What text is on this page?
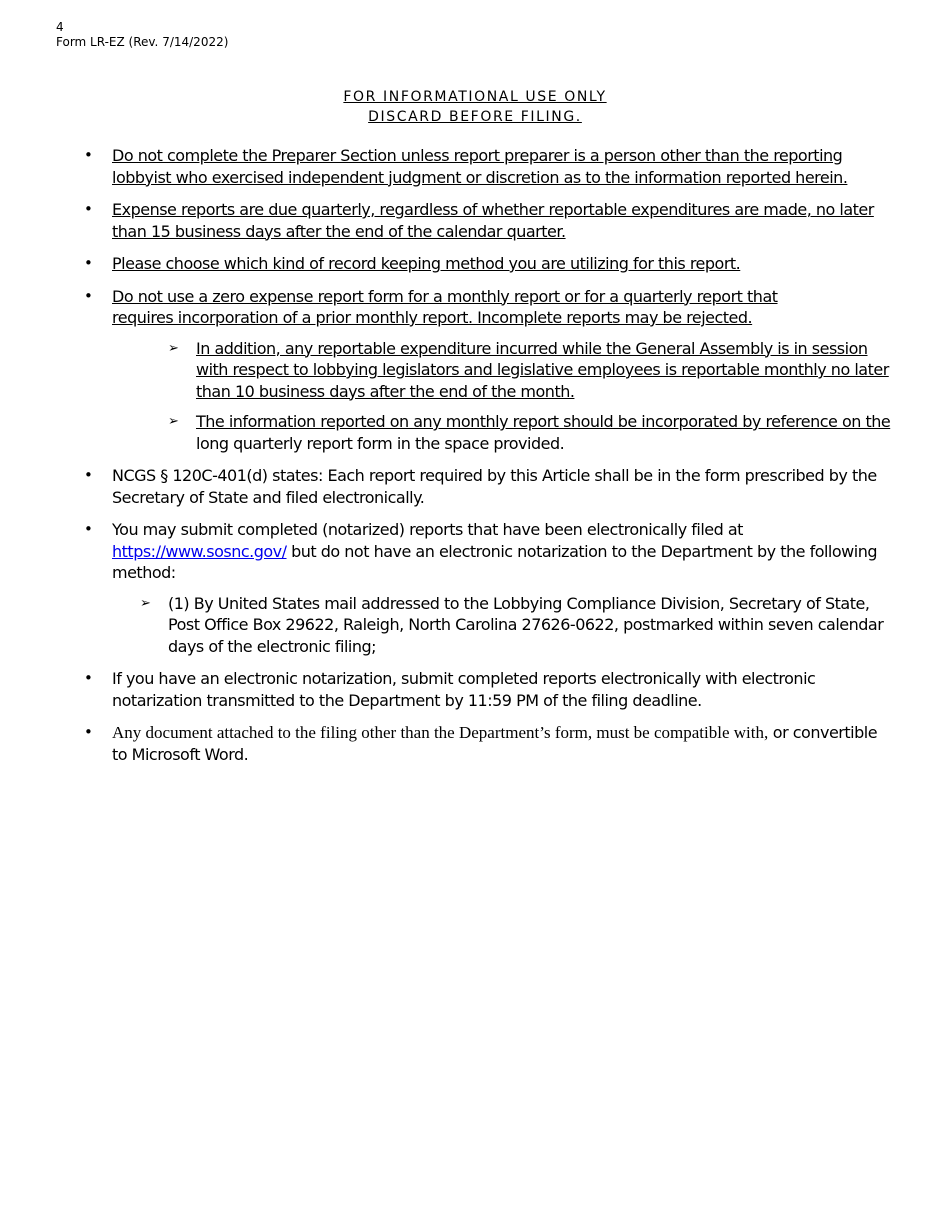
4
Form LR-EZ (Rev. 7/14/2022)
FOR INFORMATIONAL USE ONLY
DISCARD BEFORE FILING.
• Do not complete the Preparer Section unless report preparer is a person other than the reporting lobbyist who exercised independent judgment or discretion as to the information reported herein.
• Expense reports are due quarterly, regardless of whether reportable expenditures are made, no later than 15 business days after the end of the calendar quarter.
• Please choose which kind of record keeping method you are utilizing for this report.
• Do not use a zero expense report form for a monthly report or for a quarterly report that requires incorporation of a prior monthly report. Incomplete reports may be rejected.
➢ In addition, any reportable expenditure incurred while the General Assembly is in session with respect to lobbying legislators and legislative employees is reportable monthly no later than 10 business days after the end of the month.
➢ The information reported on any monthly report should be incorporated by reference on the long quarterly report form in the space provided.
• NCGS § 120C-401(d) states: Each report required by this Article shall be in the form prescribed by the Secretary of State and filed electronically.
• You may submit completed (notarized) reports that have been electronically filed at
https://www.sosnc.gov/ but do not have an electronic notarization to the Department by the following method:
➢ (1) By United States mail addressed to the Lobbying Compliance Division, Secretary of State, Post Office Box 29622, Raleigh, North Carolina 27626-0622, postmarked within seven calendar days of the electronic filing;
• If you have an electronic notarization, submit completed reports electronically with electronic notarization transmitted to the Department by 11:59 PM of the filing deadline.
• Any document attached to the filing other than the Department’s form, must be compatible with, or convertible to Microsoft Word.
